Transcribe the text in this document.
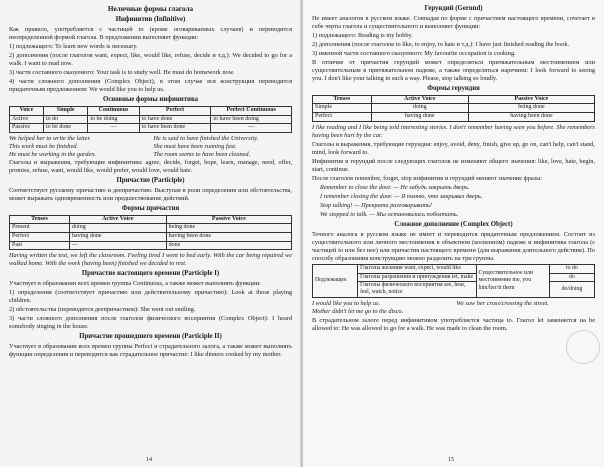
Неличные формы глагола
Инфинитив (Infinitive)

Как правило, употребляется с частицей to (кроме оговариваемых случаев) и переводится неопределенной формой глагола. В предложении выполняет функции:

1) подлежащего: To learn new words is necessary.

2) дополнения (после глаголов want, expect, like, would like, refuse, decide и т.д.): We decided to go for a walk. I want to read now.

3) части составного сказуемого: Your task is to study well. He must do homework now.

4) части сложного дополнения (Complex Object), в этом случае вся конструкция переводится придаточным предложением: We would like you to help us.

Основные формы инфинитива
Voice	Simple	Continuous	Perfect	Perfect Continuous
Active	to do	to be doing	to have done	to have been doing
Passive	to be done	—	to have been done	—
We helped her to write the letter.	He is said to have finished the University.
This work must be finished.	She must have been running fast.
He must be working in the garden.	The room seems to have been cleaned.

Глаголы и выражения, требующие инфинитива: agree, decide, forget, hope, learn, manage, need, offer, promise, refuse, want, would like, would prefer, would love, would hate.

Причастие (Participle)

Соответствует русскому причастию и деепричастию. Выступая в роли определения или обстоятельства, может выражать одновременность или предшествование действий.

Формы причастия
Tenses	Active Voice	Passive Voice
Present	doing	being done
Perfect	having done	having been done
Past	—	done

Having written the test, we left the classroom. Feeling tired I went to bed early. With the car being repaired we walked home. With the work (having been) finished we decided to rest.

Причастие настоящего времени (Participle I)

Участвует в образовании всех времен группы Continuous, а также может выполнять функции:

1) определения (соответствует причастию или действительному причастию): Look at those playing children.

2) обстоятельства (переводится деепричастием): She went out smiling.

3) части сложного дополнения после глаголов физического восприятия (Complex Object): I heard somebody singing in the house.

Причастие прошедшего времени (Participle II)

Участвует в образовании всех времен группы Perfect и страдательного залога, а также может выполнять функции определения и переводится как страдательное причастие: I like dinners cooked by my mother.

14
Герундий (Gerund)

Не имеет аналогов в русском языке. Совпадая по форме с причастием настоящего времени, сочетает в себе черты глагола и существительного и выполняет функции:

1) подлежащего: Reading is my hobby.

2) дополнения (после глаголов to like, to enjoy, to hate и т.д.): I have just finished reading the book.

3) именной части составного сказуемого: My favourite occupation is cooking.

В отличие от причастия герундий может определяться притяжательным местоимением или существительным в притяжательном падеже, а также определяться наречием: I look forward to seeing you. I don't like your talking in such a way. Please, stop talking so loudly.

Формы герундия
Tenses	Active Voice	Passive Voice
Simple	doing	being done
Perfect	having done	having been done

I like reading and I like being told interesting stories. I don't remember having seen you before. She remembers having been hurt by the car.

Глаголы и выражения, требующие герундия: enjoy, avoid, deny, finish, give up, go on, can't help, can't stand, mind, look forward to.

Инфинитив и герундий после следующих глаголов не изменяют общего значения: like, love, hate, begin, start, continue.

После глаголов remember, forget, stop инфинитив и герундий меняют значение фразы:

Remember to close the door. — Не забудь закрыть дверь.

I remember closing the door. — Я помню, что закрывал дверь.

Stop talking! — Прекрати разговаривать!

We stopped to talk. — Мы остановились поболтать.

Сложное дополнение (Complex Object)

Точного аналога в русском языке не имеет и переводится придаточным предложением. Состоит из существительного или личного местоимения в объектном (косвенном) падеже и инфинитива глагола (с частицей to или без нее) или причастия настоящего времени (для выражения длительного действия). По способу образования конструкцию можно разделить на три группы.

Подлежащее	Глаголы желания want, expect, would like	Существительное или местоимение me, you him/her/it them	to do
	Глаголы разрешения и принуждения let, make		do
	Глаголы физического восприятия see, hear, feel, watch, notice		do/doing
I would like you to help us.	We saw her cross/crossing the street.

Mother didn't let me go to the disco.

В страдательном залоге перед инфинитивом употребляется частица to. Глагол let заменяется на be allowed to: He was allowed to go for a walk. He was made to clean the room.

15
